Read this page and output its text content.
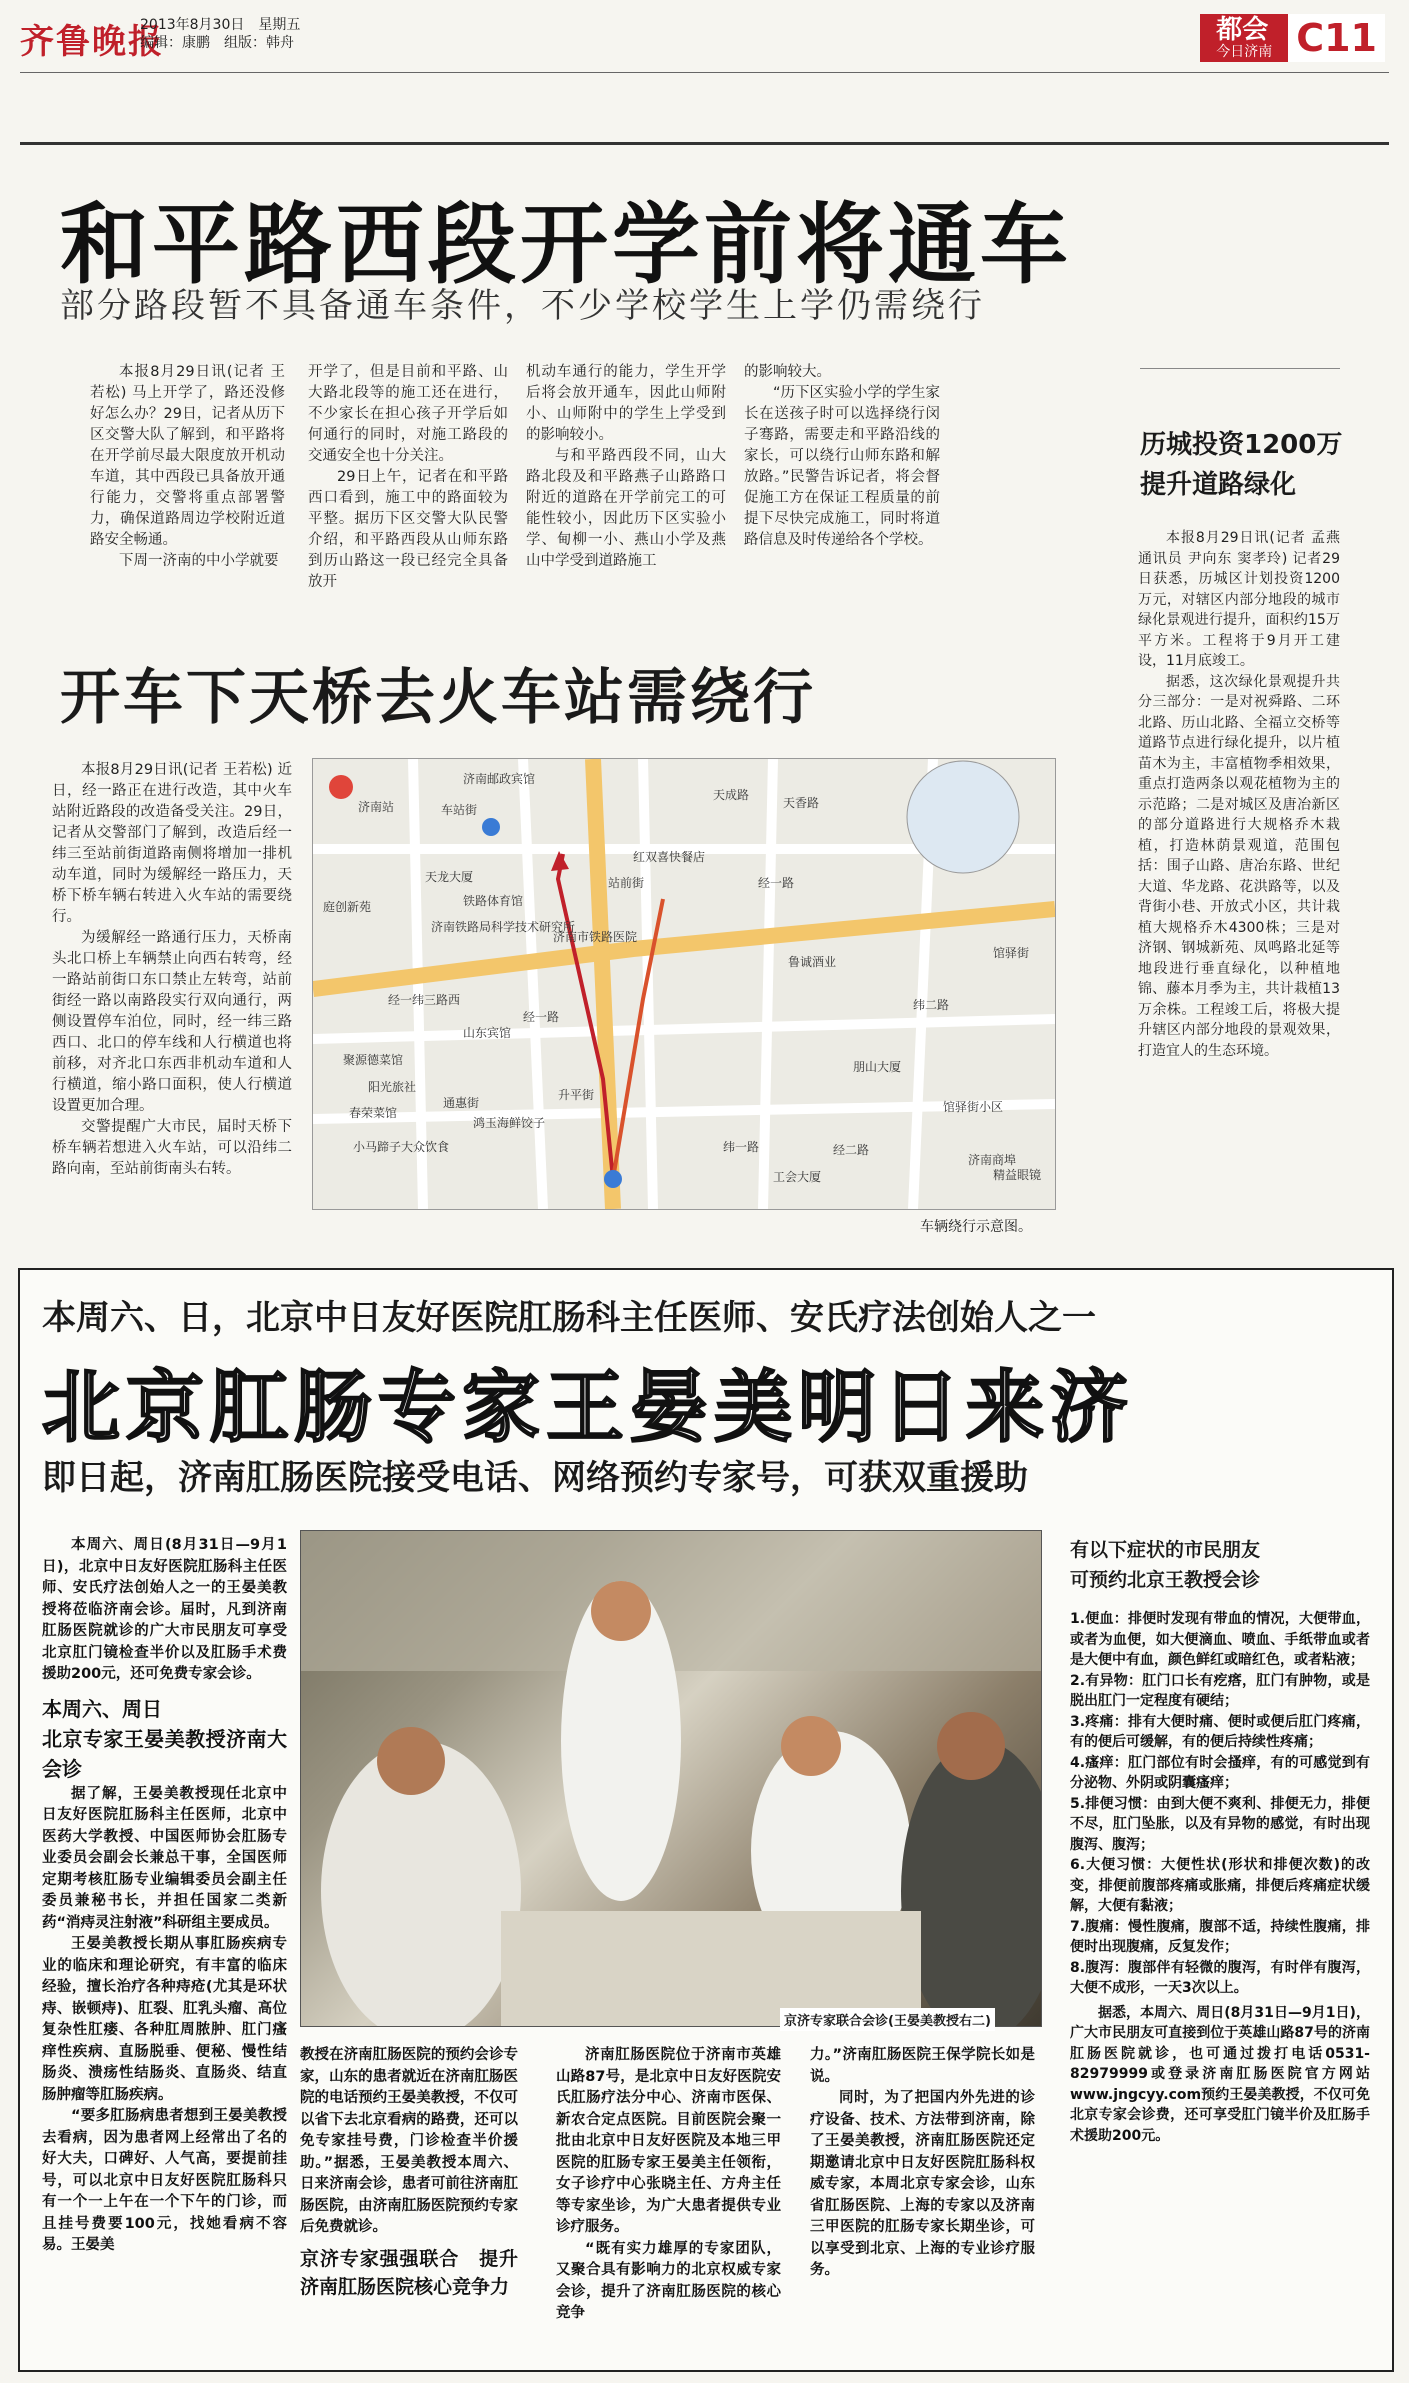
齐鲁晚报
2013年8月30日　星期五
编辑：康鹏　组版：韩舟	都会
今日济南 C11
和平路西段开学前将通车
部分路段暂不具备通车条件，不少学校学生上学仍需绕行

本报8月29日讯(记者 王若松) 马上开学了，路还没修好怎么办？29日，记者从历下区交警大队了解到，和平路将在开学前尽最大限度放开机动车道，其中西段已具备放开通行能力，交警将重点部署警力，确保道路周边学校附近道路安全畅通。

下周一济南的中小学就要

开学了，但是目前和平路、山大路北段等的施工还在进行，不少家长在担心孩子开学后如何通行的同时，对施工路段的交通安全也十分关注。

29日上午，记者在和平路西口看到，施工中的路面较为平整。据历下区交警大队民警介绍，和平路西段从山师东路到历山路这一段已经完全具备放开

机动车通行的能力，学生开学后将会放开通车，因此山师附小、山师附中的学生上学受到的影响较小。

与和平路西段不同，山大路北段及和平路燕子山路路口附近的道路在开学前完工的可能性较小，因此历下区实验小学、甸柳一小、燕山小学及燕山中学受到道路施工

的影响较大。

“历下区实验小学的学生家长在送孩子时可以选择绕行闵子骞路，需要走和平路沿线的家长，可以绕行山师东路和解放路。”民警告诉记者，将会督促施工方在保证工程质量的前提下尽快完成施工，同时将道路信息及时传递给各个学校。

历城投资1200万
提升道路绿化

本报8月29日讯(记者 孟燕 通讯员 尹向东 窦孝玲) 记者29日获悉，历城区计划投资1200万元，对辖区内部分地段的城市绿化景观进行提升，面积约15万平方米。工程将于9月开工建设，11月底竣工。

据悉，这次绿化景观提升共分三部分：一是对祝舜路、二环北路、历山北路、全福立交桥等道路节点进行绿化提升，以片植苗木为主，丰富植物季相效果，重点打造两条以观花植物为主的示范路；二是对城区及唐冶新区的部分道路进行大规格乔木栽植，打造林荫景观道，范围包括：围子山路、唐冶东路、世纪大道、华龙路、花洪路等，以及背街小巷、开放式小区，共计栽植大规格乔木4300株；三是对济钢、钢城新苑、凤鸣路北延等地段进行垂直绿化，以种植地锦、藤本月季为主，共计栽植13万余株。工程竣工后，将极大提升辖区内部分地段的景观效果，打造宜人的生态环境。

开车下天桥去火车站需绕行

本报8月29日讯(记者 王若松) 近日，经一路正在进行改造，其中火车站附近路段的改造备受关注。29日，记者从交警部门了解到，改造后经一纬三至站前街道路南侧将增加一排机动车道，同时为缓解经一路压力，天桥下桥车辆右转进入火车站的需要绕行。

为缓解经一路通行压力，天桥南头北口桥上车辆禁止向西右转弯，经一路站前街口东口禁止左转弯，站前街经一路以南路段实行双向通行，两侧设置停车泊位，同时，经一纬三路西口、北口的停车线和人行横道也将前移，对齐北口东西非机动车道和人行横道，缩小路口面积，使人行横道设置更加合理。

交警提醒广大市民，届时天桥下桥车辆若想进入火车站，可以沿纬二路向南，至站前街南头右转。

济南站
济南邮政宾馆
车站街
天成路
天香路
红双喜快餐店
天龙大厦
铁路体育馆
庭创新苑
济南铁路局科学技术研究所
济南市铁路医院
经一路
站前街
鲁诚酒业
馆驿街
纬二路
经一路
山东宾馆
经一纬三路西
朋山大厦
聚源德菜馆
阳光旅社
通惠街
春荣菜馆
鸿玉海鲜饺子
升平街
小马蹄子大众饮食	纬一路	经二路
工会大厦
馆驿街小区
精益眼镜
济南商埠
车辆绕行示意图。
本周六、日，北京中日友好医院肛肠科主任医师、安氏疗法创始人之一
北京肛肠专家王晏美明日来济
即日起，济南肛肠医院接受电话、网络预约专家号，可获双重援助

本周六、周日(8月31日—9月1日)，北京中日友好医院肛肠科主任医师、安氏疗法创始人之一的王晏美教授将莅临济南会诊。届时，凡到济南肛肠医院就诊的广大市民朋友可享受北京肛门镜检查半价以及肛肠手术费援助200元，还可免费专家会诊。

本周六、周日
北京专家王晏美教授济南大会诊

据了解，王晏美教授现任北京中日友好医院肛肠科主任医师，北京中医药大学教授、中国医师协会肛肠专业委员会副会长兼总干事，全国医师定期考核肛肠专业编辑委员会副主任委员兼秘书长，并担任国家二类新药“消痔灵注射液”科研组主要成员。

王晏美教授长期从事肛肠疾病专业的临床和理论研究，有丰富的临床经验，擅长治疗各种痔疮(尤其是环状痔、嵌顿痔)、肛裂、肛乳头瘤、高位复杂性肛瘘、各种肛周脓肿、肛门瘙痒性疾病、直肠脱垂、便秘、慢性结肠炎、溃疡性结肠炎、直肠炎、结直肠肿瘤等肛肠疾病。

“要多肛肠病患者想到王晏美教授去看病，因为患者网上经常出了名的好大夫，口碑好、人气高，要提前挂号，可以北京中日友好医院肛肠科只有一个一上午在一个下午的门诊，而且挂号费要100元，找她看病不容易。王晏美

京济专家联合会诊(王晏美教授右二)

教授在济南肛肠医院的预约会诊专家，山东的患者就近在济南肛肠医院的电话预约王晏美教授，不仅可以省下去北京看病的路费，还可以免专家挂号费，门诊检查半价援助。”据悉，王晏美教授本周六、日来济南会诊，患者可前往济南肛肠医院，由济南肛肠医院预约专家后免费就诊。

京济专家强强联合　提升济南肛肠医院核心竞争力

济南肛肠医院位于济南市英雄山路87号，是北京中日友好医院安氏肛肠疗法分中心、济南市医保、新农合定点医院。目前医院会聚一批由北京中日友好医院及本地三甲医院的肛肠专家王晏美主任领衔，女子诊疗中心张晓主任、方舟主任等专家坐诊，为广大患者提供专业诊疗服务。

“既有实力雄厚的专家团队，又聚合具有影响力的北京权威专家会诊，提升了济南肛肠医院的核心竞争

力。”济南肛肠医院王保学院长如是说。

同时，为了把国内外先进的诊疗设备、技术、方法带到济南，除了王晏美教授，济南肛肠医院还定期邀请北京中日友好医院肛肠科权威专家，本周北京专家会诊，山东省肛肠医院、上海的专家以及济南三甲医院的肛肠专家长期坐诊，可以享受到北京、上海的专业诊疗服务。

有以下症状的市民朋友
可预约北京王教授会诊
1.便血：排便时发现有带血的情况，大便带血，或者为血便，如大便滴血、喷血、手纸带血或者是大便中有血，颜色鲜红或暗红色，或者粘液；
2.有异物：肛门口长有疙瘩，肛门有肿物，或是脱出肛门一定程度有硬结；
3.疼痛：排有大便时痛、便时或便后肛门疼痛，有的便后可缓解，有的便后持续性疼痛；
4.瘙痒：肛门部位有时会搔痒，有的可感觉到有分泌物、外阴或阴囊瘙痒；
5.排便习惯：由到大便不爽利、排便无力，排便不尽，肛门坠胀，以及有异物的感觉，有时出现腹泻、腹泻；
6.大便习惯：大便性状(形状和排便次数)的改变，排便前腹部疼痛或胀痛，排便后疼痛症状缓解，大便有黏液；
7.腹痛：慢性腹痛，腹部不适，持续性腹痛，排便时出现腹痛，反复发作；
8.腹泻：腹部伴有轻微的腹泻，有时伴有腹泻，大便不成形，一天3次以上。
据悉，本周六、周日(8月31日—9月1日)，广大市民朋友可直接到位于英雄山路87号的济南肛肠医院就诊，也可通过拨打电话0531-82979999或登录济南肛肠医院官方网站www.jngcyy.com预约王晏美教授，不仅可免北京专家会诊费，还可享受肛门镜半价及肛肠手术援助200元。
